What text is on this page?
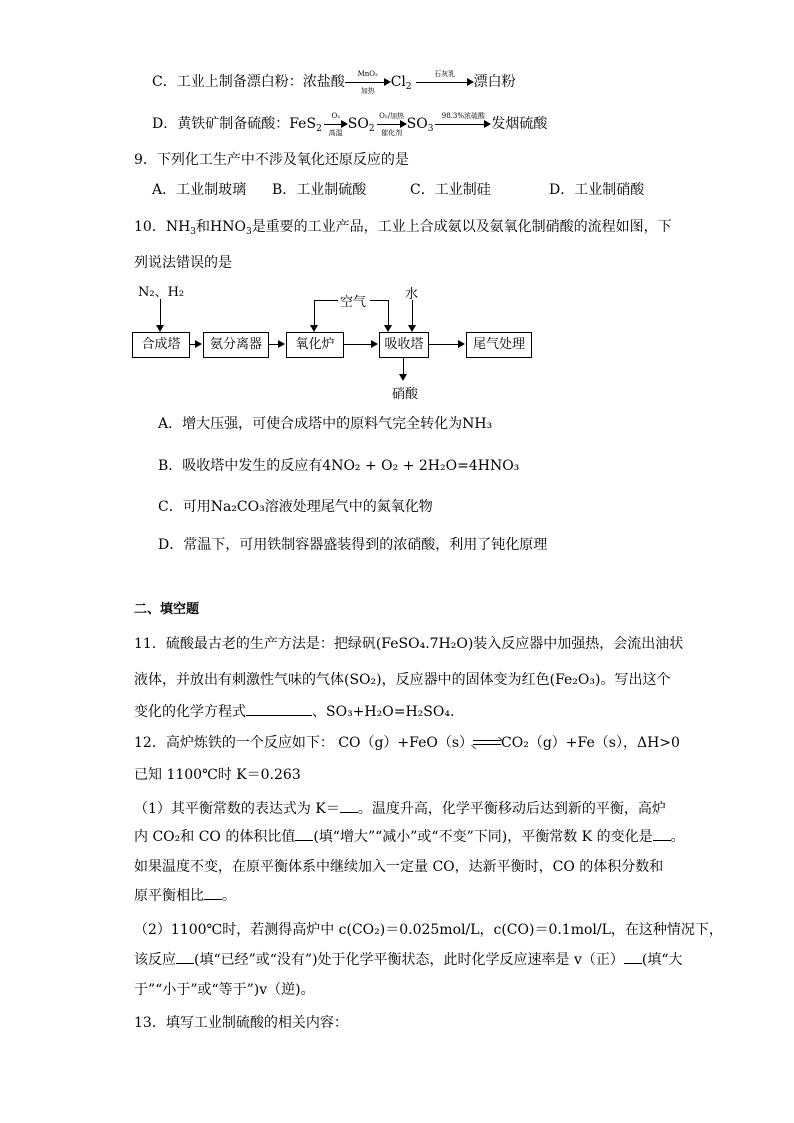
C．工业上制备漂白粉：浓盐酸	MnO₂
加热
$Cl_2$
石灰乳	漂白粉
D．黄铁矿制备硫酸：FeS$_2$
O₂
高温
$SO_2$
O₂/加热
催化剂
$SO_3$
98.3%浓硫酸 发烟硫酸
9．下列化工生产中不涉及氧化还原反应的是
A．工业制玻璃 B．工业制硫酸	C．工业制硅	D．工业制硝酸
10．$NH_3$和$HNO_3$是重要的工业产品，工业上合成氨以及氨氧化制硝酸的流程如图，下
列说法错误的是
N₂、H₂
合成塔	氨分离器	氧化炉	吸收塔	尾气处理
空气
水
硝酸
A．增大压强，可使合成塔中的原料气完全转化为NH₃
B．吸收塔中发生的反应有4NO₂ + O₂ + 2H₂O=4HNO₃
C．可用Na₂CO₃溶液处理尾气中的氮氧化物
D．常温下，可用铁制容器盛装得到的浓硝酸，利用了钝化原理
二、填空题
11．硫酸最古老的生产方法是：把绿矾(FeSO₄.7H₂O)装入反应器中加强热，会流出油状
液体，并放出有刺激性气味的气体(SO₂)，反应器中的固体变为红色(Fe₂O₃)。写出这个
变化的化学方程式	、SO₃+H₂O=H₂SO₄.
12．高炉炼铁的一个反应如下： CO（g）+FeO（s） CO₂（g）+Fe（s），ΔH>0
已知 1100℃时 K＝0.263
（1）其平衡常数的表达式为 K＝ 。温度升高，化学平衡移动后达到新的平衡，高炉
内 CO₂和 CO 的体积比值 (填“增大”“减小”或“不变”下同)，平衡常数 K 的变化是 。
如果温度不变，在原平衡体系中继续加入一定量 CO，达新平衡时，CO 的体积分数和
原平衡相比 。
（2）1100℃时，若测得高炉中 c(CO₂)＝0.025mol/L，c(CO)＝0.1mol/L，在这种情况下，
该反应 (填“已经”或“没有”)处于化学平衡状态，此时化学反应速率是 v（正） (填“大
于”“小于”或“等于”)v（逆)。
13．填写工业制硫酸的相关内容：
